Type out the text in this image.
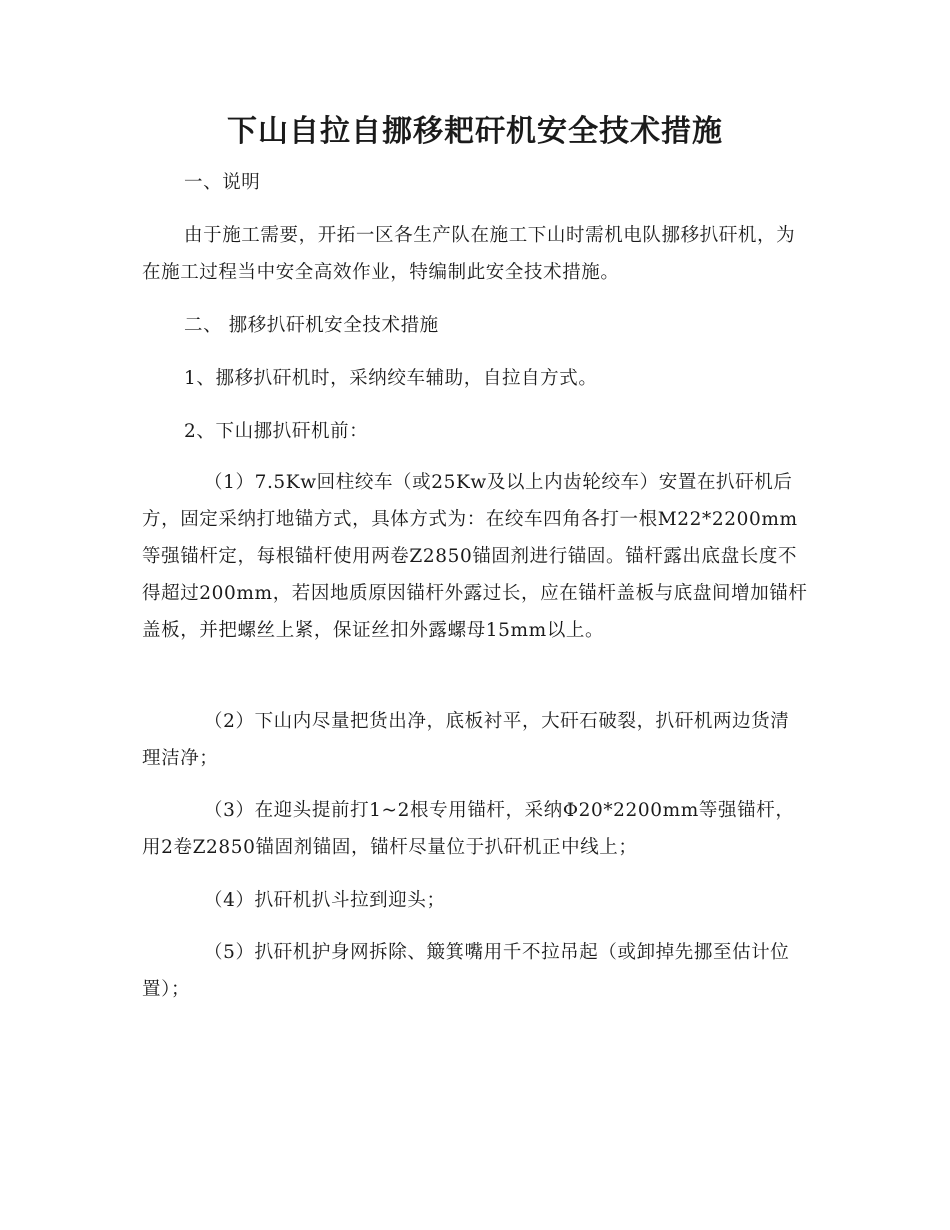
下山自拉自挪移耙矸机安全技术措施

一、说明

由于施工需要，开拓一区各生产队在施工下山时需机电队挪移扒矸机，为在施工过程当中安全高效作业，特编制此安全技术措施。

二、 挪移扒矸机安全技术措施

1、挪移扒矸机时，采纳绞车辅助，自拉自方式。

2、下山挪扒矸机前：

（1）7.5Kw回柱绞车（或25Kw及以上内齿轮绞车）安置在扒矸机后方，固定采纳打地锚方式，具体方式为：在绞车四角各打一根M22*2200mm等强锚杆定，每根锚杆使用两卷Z2850锚固剂进行锚固。锚杆露出底盘长度不得超过200mm，若因地质原因锚杆外露过长，应在锚杆盖板与底盘间增加锚杆盖板，并把螺丝上紧，保证丝扣外露螺母15mm以上。

（2）下山内尽量把货出净，底板衬平，大矸石破裂，扒矸机两边货清理洁净；

（3）在迎头提前打1~2根专用锚杆，采纳Φ20*2200mm等强锚杆，用2卷Z2850锚固剂锚固，锚杆尽量位于扒矸机正中线上；

（4）扒矸机扒斗拉到迎头；

（5）扒矸机护身网拆除、簸箕嘴用千不拉吊起（或卸掉先挪至估计位置）；
